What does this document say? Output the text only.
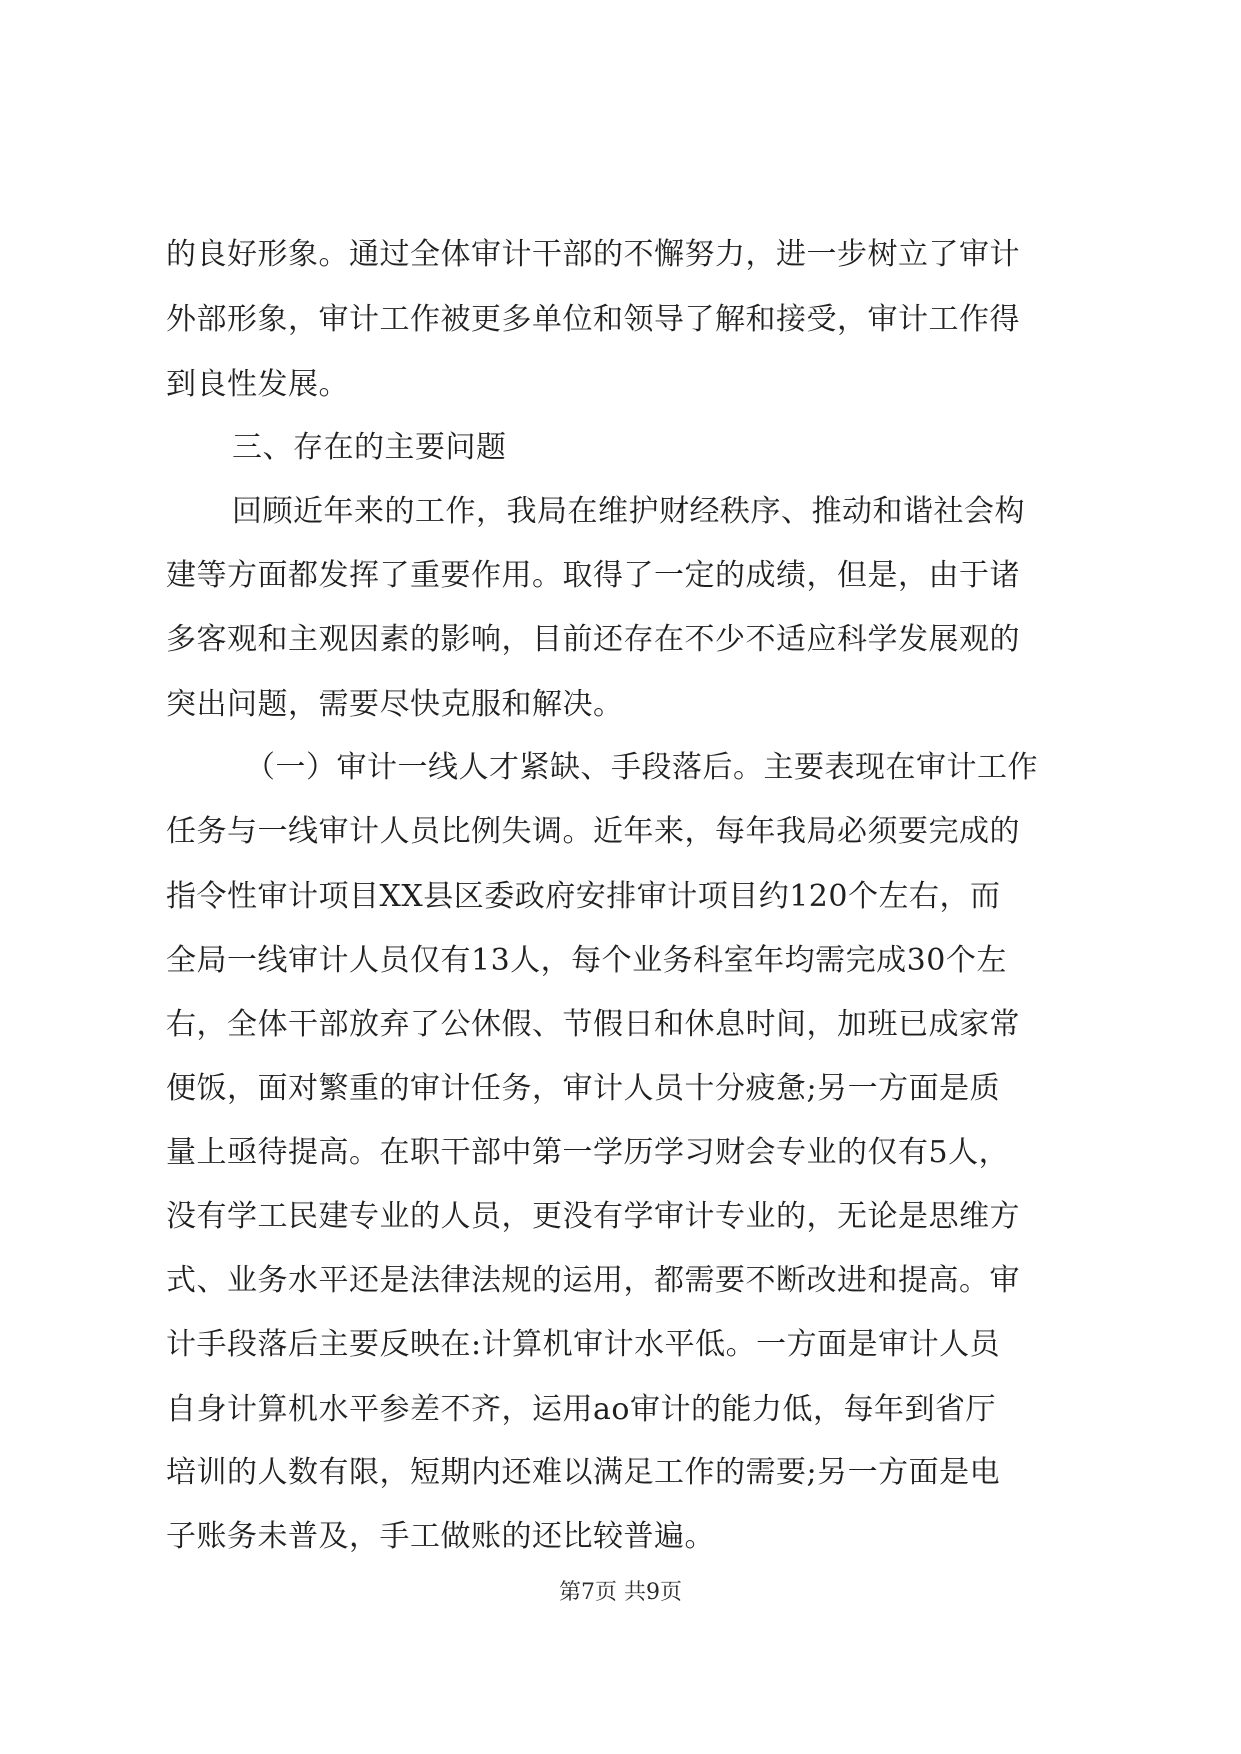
的良好形象。通过全体审计干部的不懈努力，进一步树立了审计
外部形象，审计工作被更多单位和领导了解和接受，审计工作得
到良性发展。
三、存在的主要问题
回顾近年来的工作，我局在维护财经秩序、推动和谐社会构
建等方面都发挥了重要作用。取得了一定的成绩，但是，由于诸
多客观和主观因素的影响，目前还存在不少不适应科学发展观的
突出问题，需要尽快克服和解决。
（一）审计一线人才紧缺、手段落后。主要表现在审计工作
任务与一线审计人员比例失调。近年来，每年我局必须要完成的
指令性审计项目XX县区委政府安排审计项目约120个左右，而
全局一线审计人员仅有13人，每个业务科室年均需完成30个左
右，全体干部放弃了公休假、节假日和休息时间，加班已成家常
便饭，面对繁重的审计任务，审计人员十分疲惫;另一方面是质
量上亟待提高。在职干部中第一学历学习财会专业的仅有5人，
没有学工民建专业的人员，更没有学审计专业的，无论是思维方
式、业务水平还是法律法规的运用，都需要不断改进和提高。审
计手段落后主要反映在:计算机审计水平低。一方面是审计人员
自身计算机水平参差不齐，运用ao审计的能力低，每年到省厅
培训的人数有限，短期内还难以满足工作的需要;另一方面是电
子账务未普及，手工做账的还比较普遍。
第7页 共9页
